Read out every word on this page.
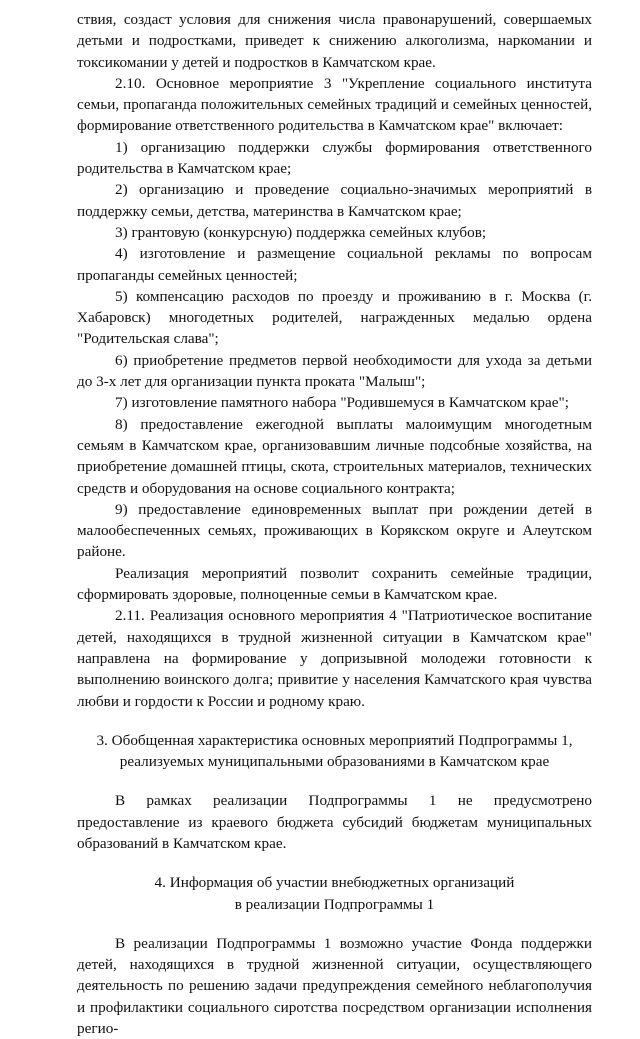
ствия, создаст условия для снижения числа правонарушений, совершаемых детьми и подростками, приведет к снижению алкоголизма, наркомании и токсикомании у детей и подростков в Камчатском крае.

2.10. Основное мероприятие 3 "Укрепление социального института семьи, пропаганда положительных семейных традиций и семейных ценностей, формирование ответственного родительства в Камчатском крае" включает:

1) организацию поддержки службы формирования ответственного родительства в Камчатском крае;

2) организацию и проведение социально-значимых мероприятий в поддержку семьи, детства, материнства в Камчатском крае;

3) грантовую (конкурсную) поддержка семейных клубов;

4) изготовление и размещение социальной рекламы по вопросам пропаганды семейных ценностей;

5) компенсацию расходов по проезду и проживанию в г. Москва (г. Хабаровск) многодетных родителей, награжденных медалью ордена "Родительская слава";

6) приобретение предметов первой необходимости для ухода за детьми до 3-х лет для организации пункта проката "Малыш";

7) изготовление памятного набора "Родившемуся в Камчатском крае";

8) предоставление ежегодной выплаты малоимущим многодетным семьям в Камчатском крае, организовавшим личные подсобные хозяйства, на приобретение домашней птицы, скота, строительных материалов, технических средств и оборудования на основе социального контракта;

9) предоставление единовременных выплат при рождении детей в малообеспеченных семьях, проживающих в Корякском округе и Алеутском районе.

Реализация мероприятий позволит сохранить семейные традиции, сформировать здоровые, полноценные семьи в Камчатском крае.

2.11. Реализация основного мероприятия 4 "Патриотическое воспитание детей, находящихся в трудной жизненной ситуации в Камчатском крае" направлена на формирование у допризывной молодежи готовности к выполнению воинского долга; привитие у населения Камчатского края чувства любви и гордости к России и родному краю.

3. Обобщенная характеристика основных мероприятий Подпрограммы 1,

реализуемых муниципальными образованиями в Камчатском крае

В рамках реализации Подпрограммы 1 не предусмотрено предоставление из краевого бюджета субсидий бюджетам муниципальных образований в Камчатском крае.

4. Информация об участии внебюджетных организаций

в реализации Подпрограммы 1

В реализации Подпрограммы 1 возможно участие Фонда поддержки детей, находящихся в трудной жизненной ситуации, осуществляющего деятельность по решению задачи предупреждения семейного неблагополучия и профилактики социального сиротства посредством организации исполнения регио-
